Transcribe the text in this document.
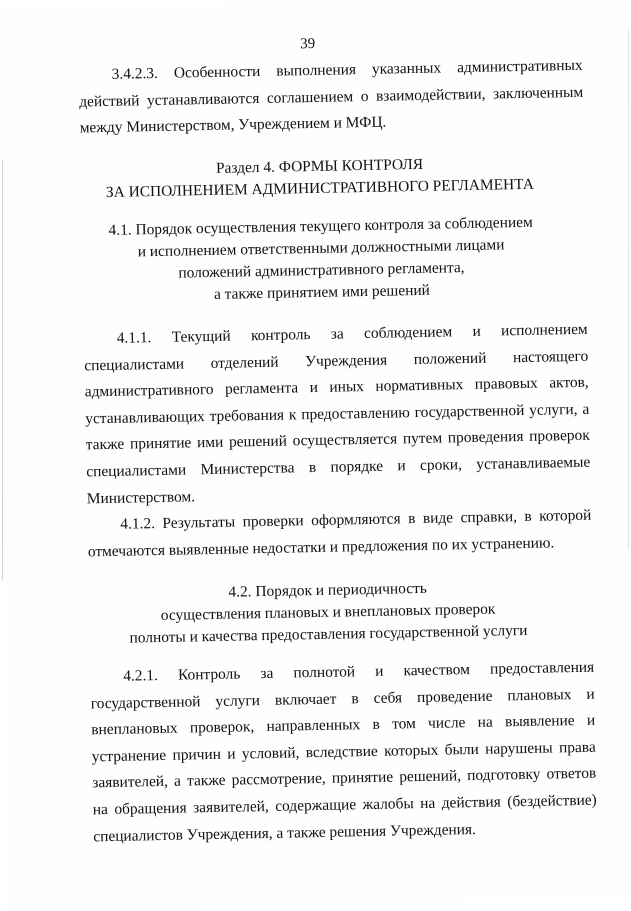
39
3.4.2.3. Особенности выполнения указанных административных действий устанавливаются соглашением о взаимодействии, заключенным между Министерством, Учреждением и МФЦ.
Раздел 4. ФОРМЫ КОНТРОЛЯ
ЗА ИСПОЛНЕНИЕМ АДМИНИСТРАТИВНОГО РЕГЛАМЕНТА
4.1. Порядок осуществления текущего контроля за соблюдением
и исполнением ответственными должностными лицами
положений административного регламента,
а также принятием ими решений
4.1.1. Текущий контроль за соблюдением и исполнением специалистами отделений Учреждения положений настоящего административного регламента и иных нормативных правовых актов, устанавливающих требования к предоставлению государственной услуги, а также принятие ими решений осуществляется путем проведения проверок специалистами Министерства в порядке и сроки, устанавливаемые Министерством.
4.1.2. Результаты проверки оформляются в виде справки, в которой отмечаются выявленные недостатки и предложения по их устранению.
4.2. Порядок и периодичность
осуществления плановых и внеплановых проверок
полноты и качества предоставления государственной услуги
4.2.1. Контроль за полнотой и качеством предоставления государственной услуги включает в себя проведение плановых и внеплановых проверок, направленных в том числе на выявление и устранение причин и условий, вследствие которых были нарушены права заявителей, а также рассмотрение, принятие решений, подготовку ответов на обращения заявителей, содержащие жалобы на действия (бездействие) специалистов Учреждения, а также решения Учреждения.
